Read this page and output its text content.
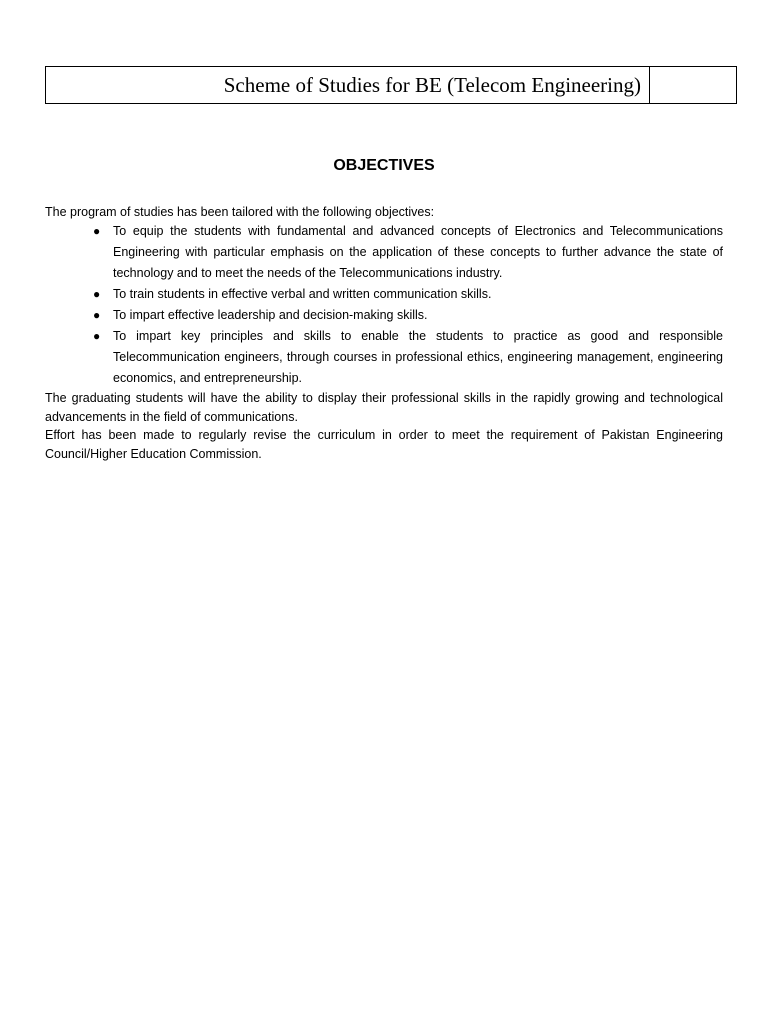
Scheme of Studies for BE (Telecom Engineering)
OBJECTIVES

The program of studies has been tailored with the following objectives:

● To equip the students with fundamental and advanced concepts of Electronics and Telecommunications Engineering with particular emphasis on the application of these concepts to further advance the state of technology and to meet the needs of the Telecommunications industry.
● To train students in effective verbal and written communication skills.
● To impart effective leadership and decision-making skills.
● To impart key principles and skills to enable the students to practice as good and responsible Telecommunication engineers, through courses in professional ethics, engineering management, engineering economics, and entrepreneurship.

The graduating students will have the ability to display their professional skills in the rapidly growing and technological advancements in the field of communications.

Effort has been made to regularly revise the curriculum in order to meet the requirement of Pakistan Engineering Council/Higher Education Commission.
